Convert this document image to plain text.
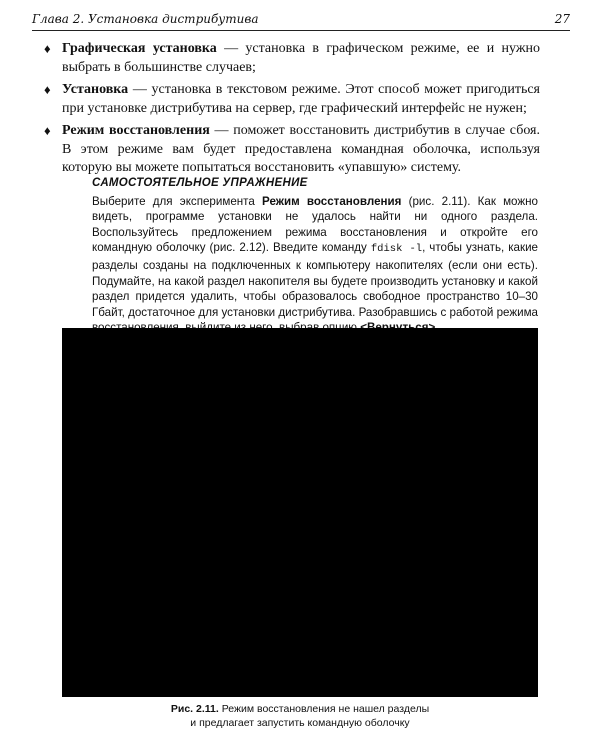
Глава 2. Установка дистрибутива	27
♦ Графическая установка — установка в графическом режиме, ее и нужно выбрать в большинстве случаев;
♦ Установка — установка в текстовом режиме. Этот способ может пригодиться при установке дистрибутива на сервер, где графический интерфейс не нужен;
♦ Режим восстановления — поможет восстановить дистрибутив в случае сбоя. В этом режиме вам будет предоставлена командная оболочка, используя которую вы можете попытаться восстановить «упавшую» систему.
САМОСТОЯТЕЛЬНОЕ УПРАЖНЕНИЕ
Выберите для эксперимента Режим восстановления (рис. 2.11). Как можно видеть, программе установки не удалось найти ни одного раздела. Воспользуйтесь предложением режима восстановления и откройте его командную оболочку (рис. 2.12). Введите команду fdisk -l, чтобы узнать, какие разделы созданы на подключенных к компьютеру накопителях (если они есть). Подумайте, на какой раздел накопителя вы будете производить установку и какой раздел придется удалить, чтобы образовалось свободное пространство 10–30 Гбайт, достаточное для установки дистрибутива. Разобравшись с работой режима
Рис. 2.11. Режим восстановления не нашел разделы
и предлагает запустить командную оболочку
